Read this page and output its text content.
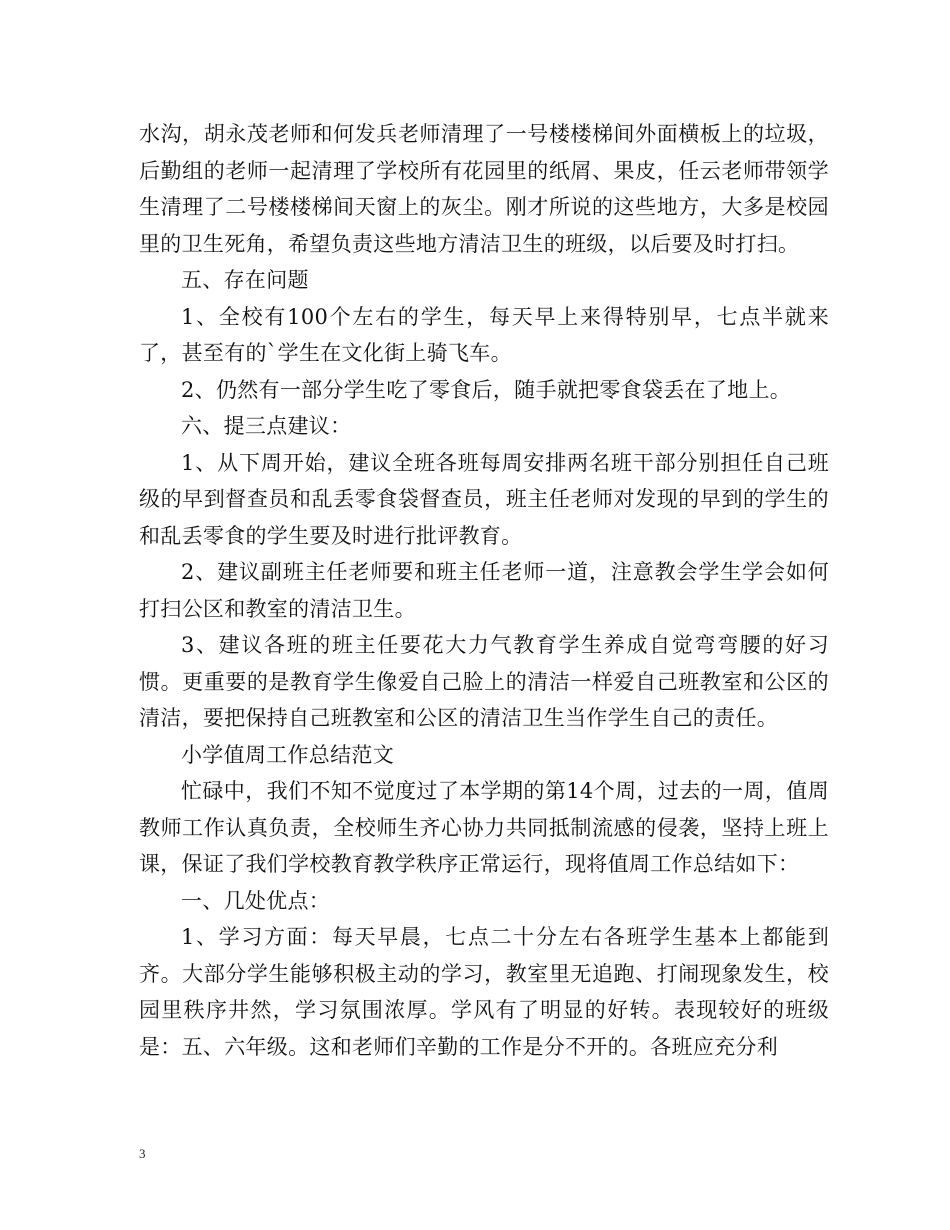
水沟，胡永茂老师和何发兵老师清理了一号楼楼梯间外面横板上的垃圾，后勤组的老师一起清理了学校所有花园里的纸屑、果皮，任云老师带领学生清理了二号楼楼梯间天窗上的灰尘。刚才所说的这些地方，大多是校园里的卫生死角，希望负责这些地方清洁卫生的班级，以后要及时打扫。

五、存在问题

1、全校有100个左右的学生，每天早上来得特别早，七点半就来了，甚至有的`学生在文化街上骑飞车。

2、仍然有一部分学生吃了零食后，随手就把零食袋丢在了地上。

六、提三点建议：

1、从下周开始，建议全班各班每周安排两名班干部分别担任自己班级的早到督查员和乱丢零食袋督查员，班主任老师对发现的早到的学生的和乱丢零食的学生要及时进行批评教育。

2、建议副班主任老师要和班主任老师一道，注意教会学生学会如何打扫公区和教室的清洁卫生。

3、建议各班的班主任要花大力气教育学生养成自觉弯弯腰的好习惯。更重要的是教育学生像爱自己脸上的清洁一样爱自己班教室和公区的清洁，要把保持自己班教室和公区的清洁卫生当作学生自己的责任。

小学值周工作总结范文

忙碌中，我们不知不觉度过了本学期的第14个周，过去的一周，值周教师工作认真负责，全校师生齐心协力共同抵制流感的侵袭，坚持上班上课，保证了我们学校教育教学秩序正常运行，现将值周工作总结如下：

一、几处优点：

1、学习方面：每天早晨，七点二十分左右各班学生基本上都能到齐。大部分学生能够积极主动的学习，教室里无追跑、打闹现象发生，校园里秩序井然，学习氛围浓厚。学风有了明显的好转。表现较好的班级是：五、六年级。这和老师们辛勤的工作是分不开的。各班应充分利

3
